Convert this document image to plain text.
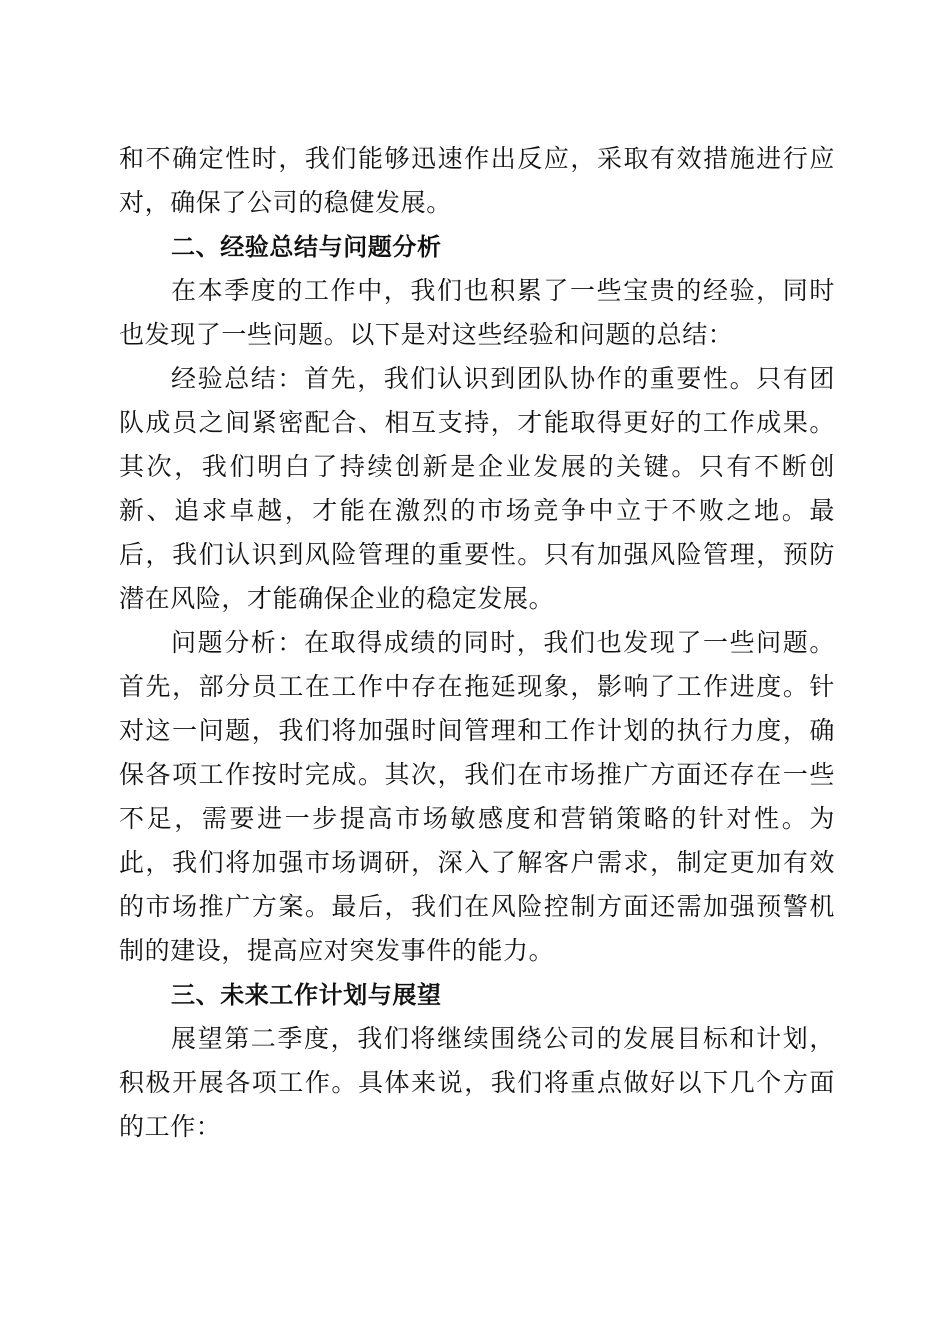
和不确定性时，我们能够迅速作出反应，采取有效措施进行应对，确保了公司的稳健发展。

二、经验总结与问题分析

在本季度的工作中，我们也积累了一些宝贵的经验，同时也发现了一些问题。以下是对这些经验和问题的总结：

经验总结：首先，我们认识到团队协作的重要性。只有团队成员之间紧密配合、相互支持，才能取得更好的工作成果。其次，我们明白了持续创新是企业发展的关键。只有不断创新、追求卓越，才能在激烈的市场竞争中立于不败之地。最后，我们认识到风险管理的重要性。只有加强风险管理，预防潜在风险，才能确保企业的稳定发展。

问题分析：在取得成绩的同时，我们也发现了一些问题。首先，部分员工在工作中存在拖延现象，影响了工作进度。针对这一问题，我们将加强时间管理和工作计划的执行力度，确保各项工作按时完成。其次，我们在市场推广方面还存在一些不足，需要进一步提高市场敏感度和营销策略的针对性。为此，我们将加强市场调研，深入了解客户需求，制定更加有效的市场推广方案。最后，我们在风险控制方面还需加强预警机制的建设，提高应对突发事件的能力。

三、未来工作计划与展望

展望第二季度，我们将继续围绕公司的发展目标和计划，积极开展各项工作。具体来说，我们将重点做好以下几个方面的工作：
